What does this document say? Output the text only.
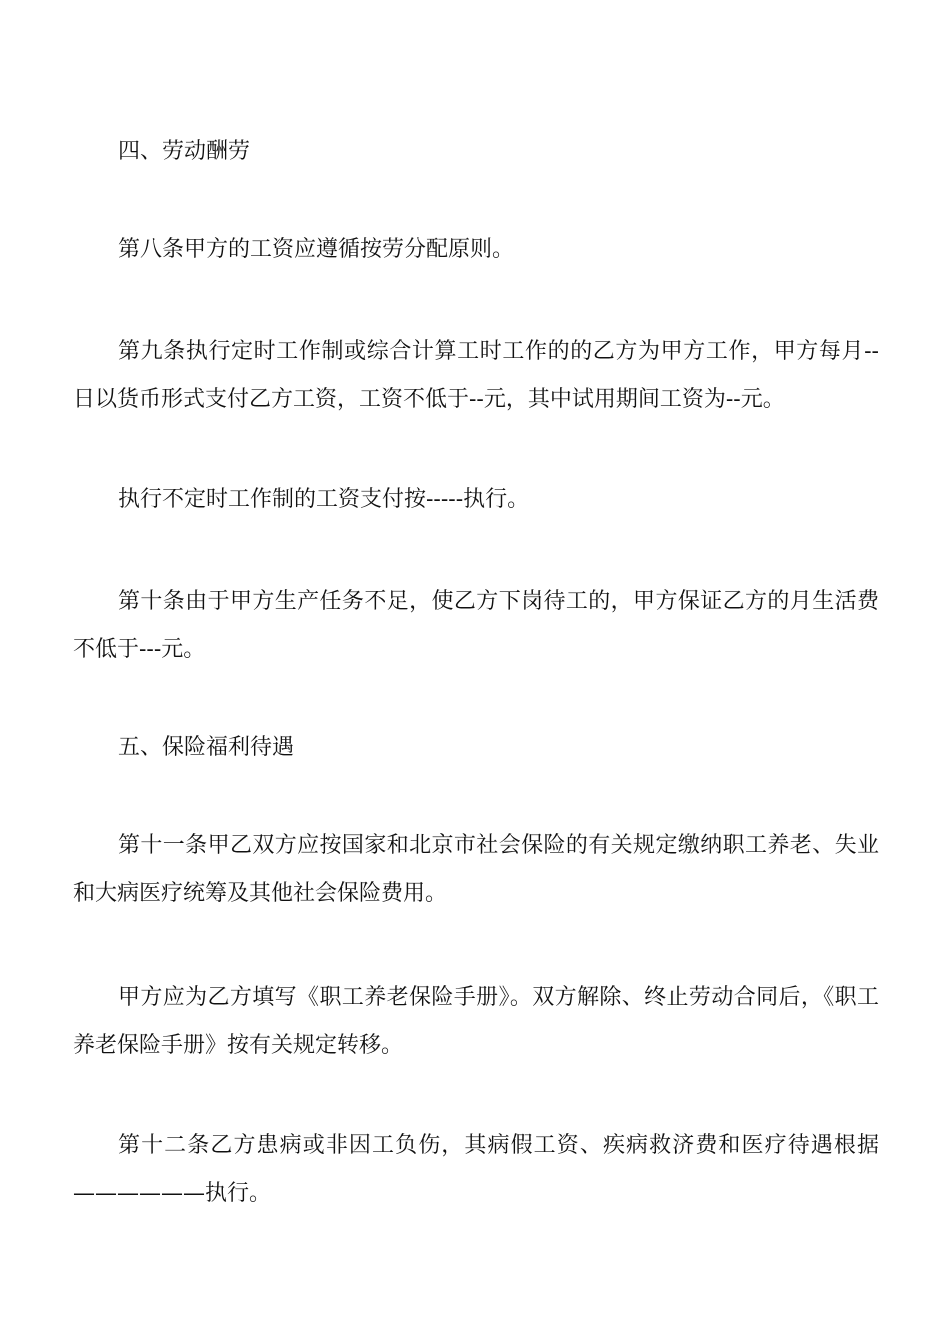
四、劳动酬劳

第八条甲方的工资应遵循按劳分配原则。

第九条执行定时工作制或综合计算工时工作的的乙方为甲方工作，甲方每月--日以货币形式支付乙方工资，工资不低于--元，其中试用期间工资为--元。

执行不定时工作制的工资支付按-----执行。

第十条由于甲方生产任务不足，使乙方下岗待工的，甲方保证乙方的月生活费不低于---元。

五、保险福利待遇

第十一条甲乙双方应按国家和北京市社会保险的有关规定缴纳职工养老、失业和大病医疗统筹及其他社会保险费用。

甲方应为乙方填写《职工养老保险手册》。双方解除、终止劳动合同后，《职工养老保险手册》按有关规定转移。

第十二条乙方患病或非因工负伤，其病假工资、疾病救济费和医疗待遇根据——————执行。
